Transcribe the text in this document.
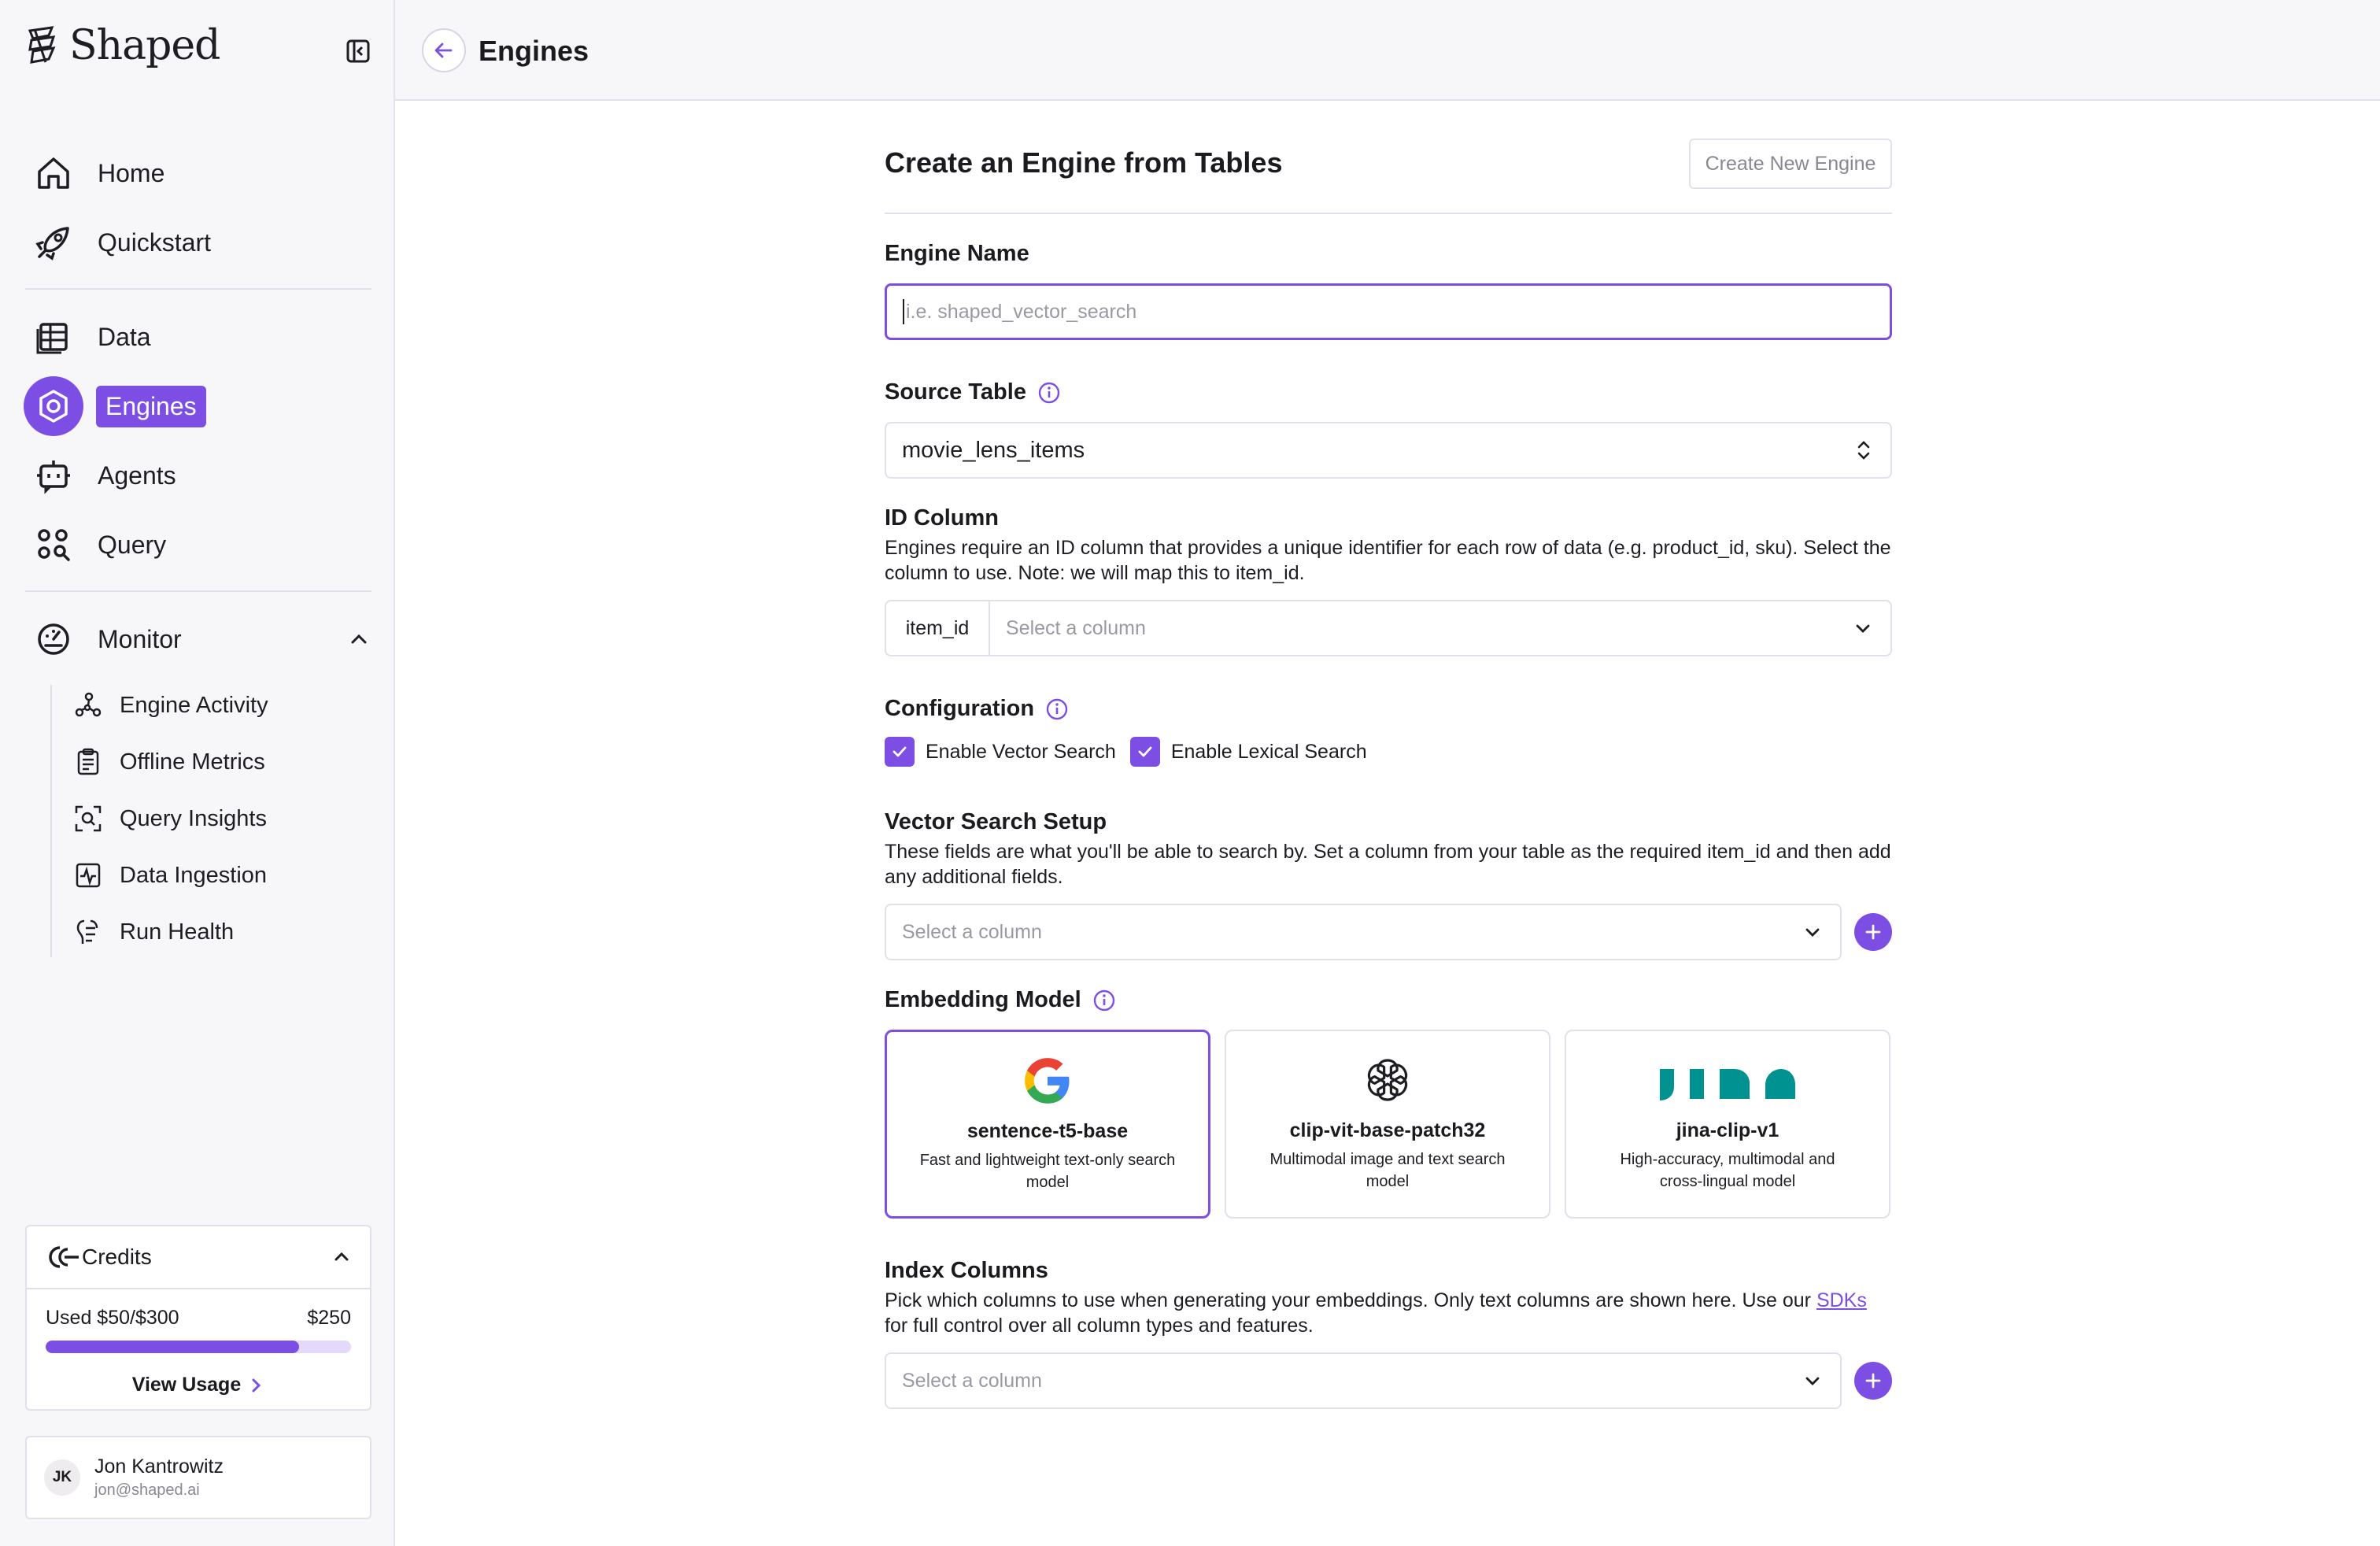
Shaped
Home
Quickstart
Data
Engines
Agents
Query
Monitor
Engine Activity
Offline Metrics
Query Insights
Data Ingestion
Run Health
Credits
Used $50/$300	$250
View Usage
JK	Jon Kantrowitz
jon@shaped.ai
Engines
Create an Engine from Tables	Create New Engine
Engine Name
i.e. shaped_vector_search
Source Table
movie_lens_items
ID Column
Engines require an ID column that provides a unique identifier for each row of data (e.g. product_id, sku). Select the column to use. Note: we will map this to item_id.
item_id	Select a column
Configuration
Enable Vector Search	Enable Lexical Search
Vector Search Setup
These fields are what you'll be able to search by. Set a column from your table as the required item_id and then add any additional fields.
Select a column
Embedding Model
sentence-t5-base
Fast and lightweight text-only search model
clip-vit-base-patch32
Multimodal image and text search model
jina-clip-v1
High-accuracy, multimodal and cross-lingual model
Index Columns
Pick which columns to use when generating your embeddings. Only text columns are shown here. Use our SDKs
for full control over all column types and features.
Select a column
